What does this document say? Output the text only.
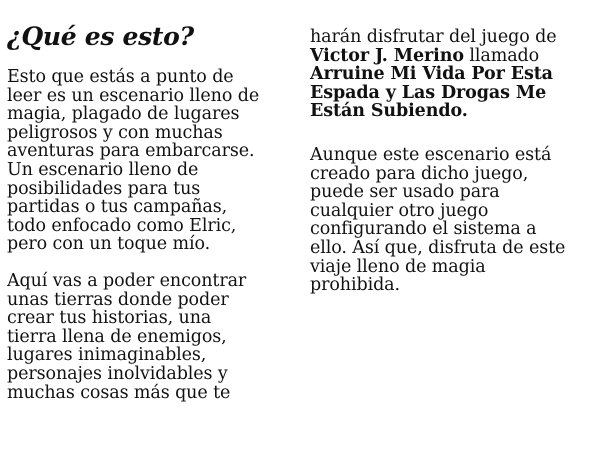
¿Qué es esto?

Esto que estás a punto de
leer es un escenario lleno de
magia, plagado de lugares
peligrosos y con muchas
aventuras para embarcarse.
Un escenario lleno de
posibilidades para tus
partidas o tus campañas,
todo enfocado como Elric,
pero con un toque mío.

Aquí vas a poder encontrar
unas tierras donde poder
crear tus historias, una
tierra llena de enemigos,
lugares inimaginables,
personajes inolvidables y
muchas cosas más que te

harán disfrutar del juego de
Victor J. Merino llamado
Arruine Mi Vida Por Esta
Espada y Las Drogas Me
Están Subiendo.

Aunque este escenario está
creado para dicho juego,
puede ser usado para
cualquier otro juego
configurando el sistema a
ello. Así que, disfruta de este
viaje lleno de magia
prohibida.
